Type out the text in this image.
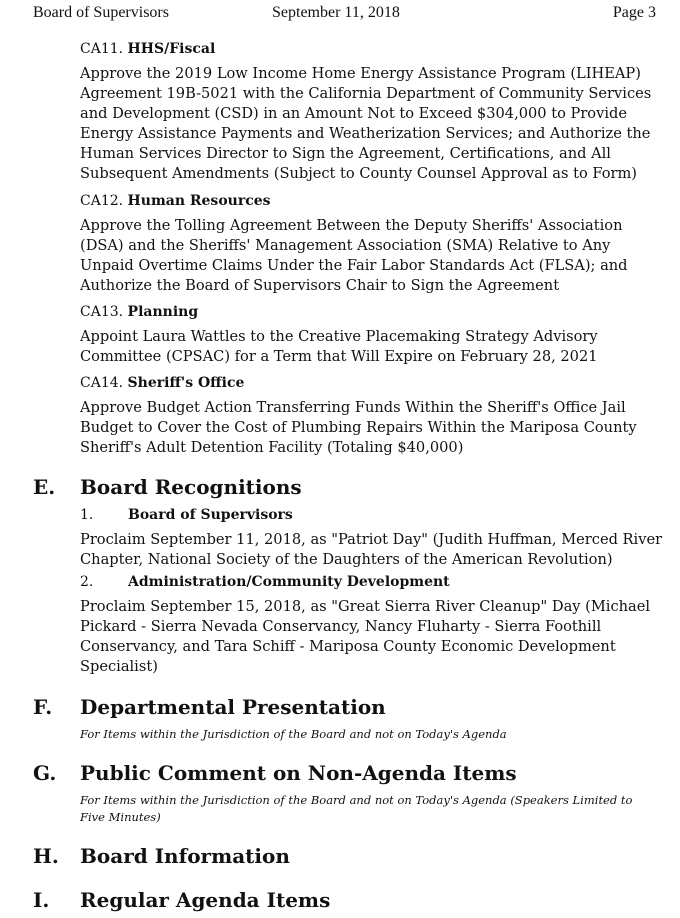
Board of Supervisors	September 11, 2018	Page 3
CA11. HHS/Fiscal
Approve the 2019 Low Income Home Energy Assistance Program (LIHEAP) Agreement 19B-5021 with the California Department of Community Services and Development (CSD) in an Amount Not to Exceed $304,000 to Provide Energy Assistance Payments and Weatherization Services; and Authorize the Human Services Director to Sign the Agreement, Certifications, and All Subsequent Amendments (Subject to County Counsel Approval as to Form)
CA12. Human Resources
Approve the Tolling Agreement Between the Deputy Sheriffs' Association (DSA) and the Sheriffs' Management Association (SMA) Relative to Any Unpaid Overtime Claims Under the Fair Labor Standards Act (FLSA); and Authorize the Board of Supervisors Chair to Sign the Agreement
CA13. Planning
Appoint Laura Wattles to the Creative Placemaking Strategy Advisory Committee (CPSAC) for a Term that Will Expire on February 28, 2021
CA14. Sheriff's Office
Approve Budget Action Transferring Funds Within the Sheriff's Office Jail Budget to Cover the Cost of Plumbing Repairs Within the Mariposa County Sheriff's Adult Detention Facility (Totaling $40,000)
E. Board Recognitions
1. Board of Supervisors
Proclaim September 11, 2018, as "Patriot Day" (Judith Huffman, Merced River Chapter, National Society of the Daughters of the American Revolution)
2. Administration/Community Development
Proclaim September 15, 2018, as "Great Sierra River Cleanup" Day (Michael Pickard - Sierra Nevada Conservancy, Nancy Fluharty - Sierra Foothill Conservancy, and Tara Schiff - Mariposa County Economic Development Specialist)
F. Departmental Presentation
For Items within the Jurisdiction of the Board and not on Today's Agenda
G. Public Comment on Non-Agenda Items
For Items within the Jurisdiction of the Board and not on Today's Agenda (Speakers Limited to Five Minutes)
H. Board Information
I. Regular Agenda Items
